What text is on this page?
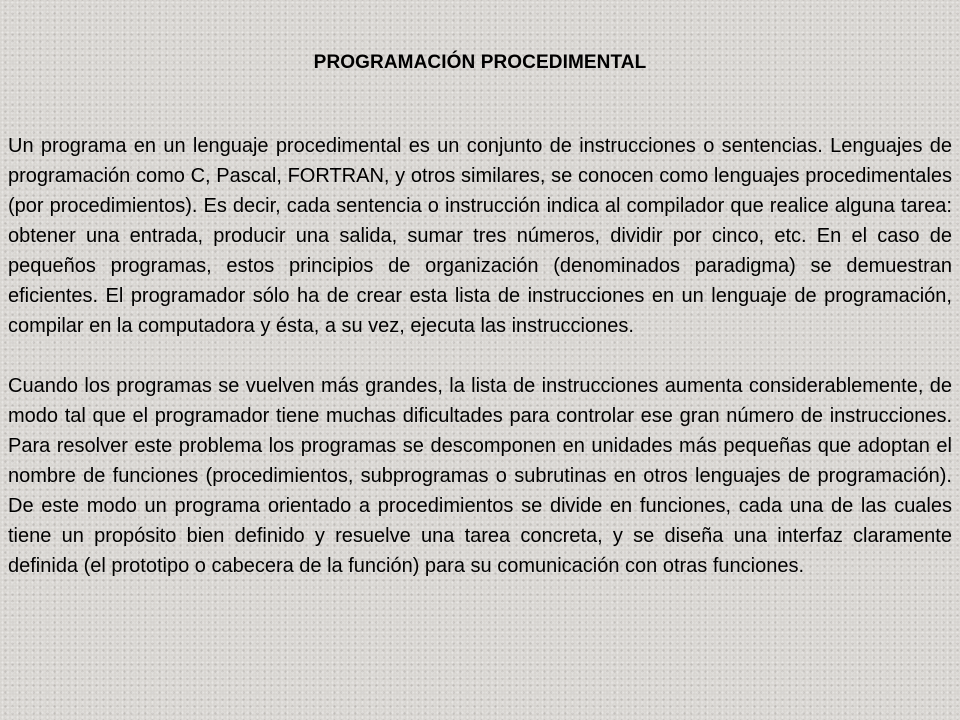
PROGRAMACIÓN PROCEDIMENTAL

Un programa en un lenguaje procedimental es un conjunto de instrucciones o sentencias. Lenguajes de programación como C, Pascal, FORTRAN, y otros similares, se conocen como lenguajes procedimentales (por procedimientos). Es decir, cada sentencia o instrucción indica al compilador que realice alguna tarea: obtener una entrada, producir una salida, sumar tres números, dividir por cinco, etc. En el caso de pequeños programas, estos principios de organización (denominados paradigma) se demuestran eficientes. El programador sólo ha de crear esta lista de instrucciones en un lenguaje de programación, compilar en la computadora y ésta, a su vez, ejecuta las instrucciones.

Cuando los programas se vuelven más grandes, la lista de instrucciones aumenta considerablemente, de modo tal que el programador tiene muchas dificultades para controlar ese gran número de instrucciones. Para resolver este problema los programas se descomponen en unidades más pequeñas que adoptan el nombre de funciones (procedimientos, subprogramas o subrutinas en otros lenguajes de programación). De este modo un programa orientado a procedimientos se divide en funciones, cada una de las cuales tiene un propósito bien definido y resuelve una tarea concreta, y se diseña una interfaz claramente definida (el prototipo o cabecera de la función) para su comunicación con otras funciones.
